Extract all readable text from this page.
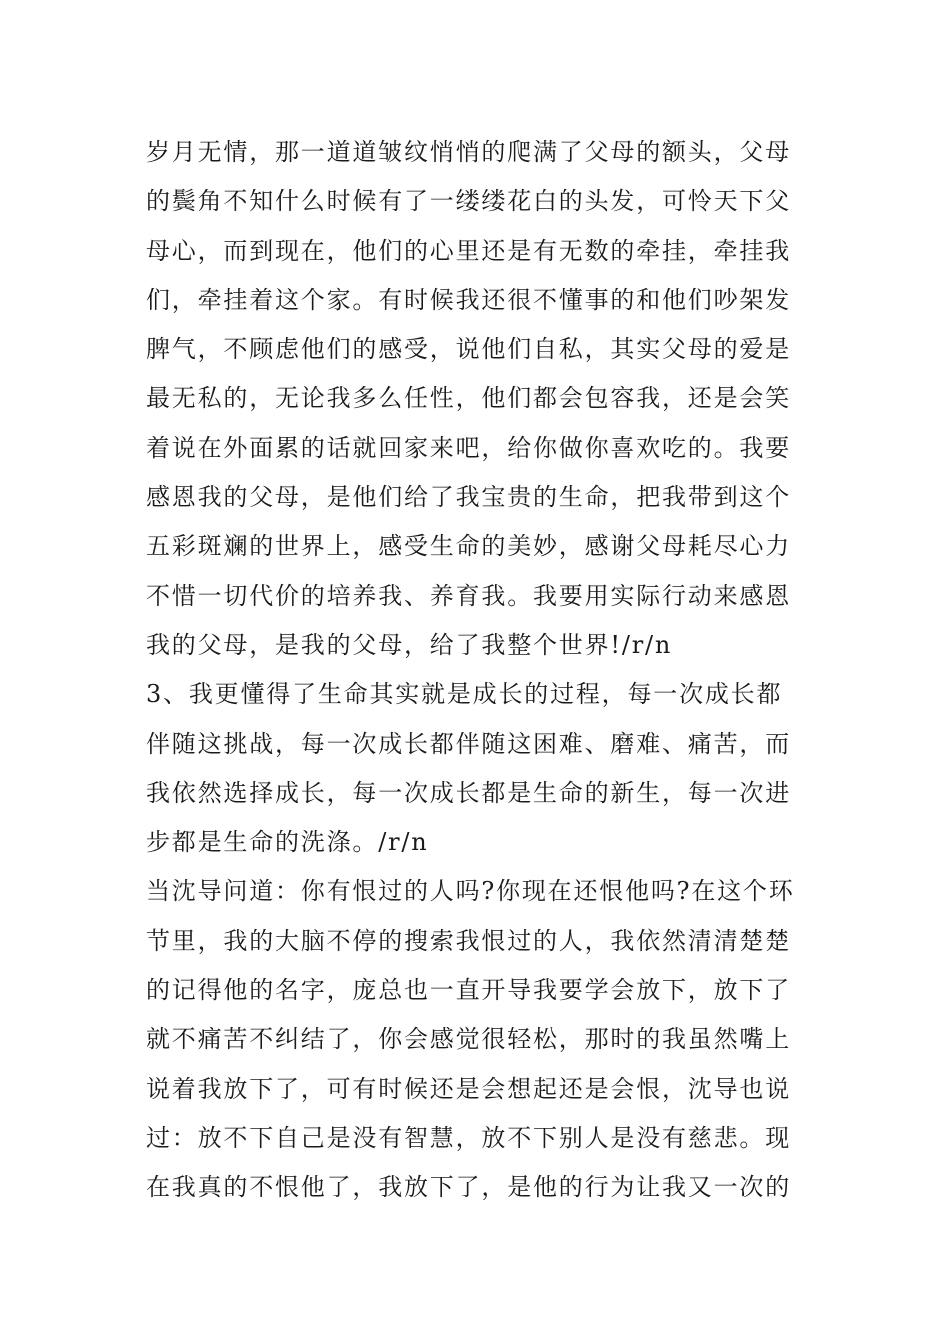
岁月无情，那一道道皱纹悄悄的爬满了父母的额头，父母
的鬓角不知什么时候有了一缕缕花白的头发，可怜天下父
母心，而到现在，他们的心里还是有无数的牵挂，牵挂我
们，牵挂着这个家。有时候我还很不懂事的和他们吵架发
脾气，不顾虑他们的感受，说他们自私，其实父母的爱是
最无私的，无论我多么任性，他们都会包容我，还是会笑
着说在外面累的话就回家来吧，给你做你喜欢吃的。我要
感恩我的父母，是他们给了我宝贵的生命，把我带到这个
五彩斑斓的世界上，感受生命的美妙，感谢父母耗尽心力
不惜一切代价的培养我、养育我。我要用实际行动来感恩
我的父母，是我的父母，给了我整个世界!/r/n
3、我更懂得了生命其实就是成长的过程，每一次成长都
伴随这挑战，每一次成长都伴随这困难、磨难、痛苦，而
我依然选择成长，每一次成长都是生命的新生，每一次进
步都是生命的洗涤。/r/n
当沈导问道：你有恨过的人吗?你现在还恨他吗?在这个环
节里，我的大脑不停的搜索我恨过的人，我依然清清楚楚
的记得他的名字，庞总也一直开导我要学会放下，放下了
就不痛苦不纠结了，你会感觉很轻松，那时的我虽然嘴上
说着我放下了，可有时候还是会想起还是会恨，沈导也说
过：放不下自己是没有智慧，放不下别人是没有慈悲。现
在我真的不恨他了，我放下了，是他的行为让我又一次的
